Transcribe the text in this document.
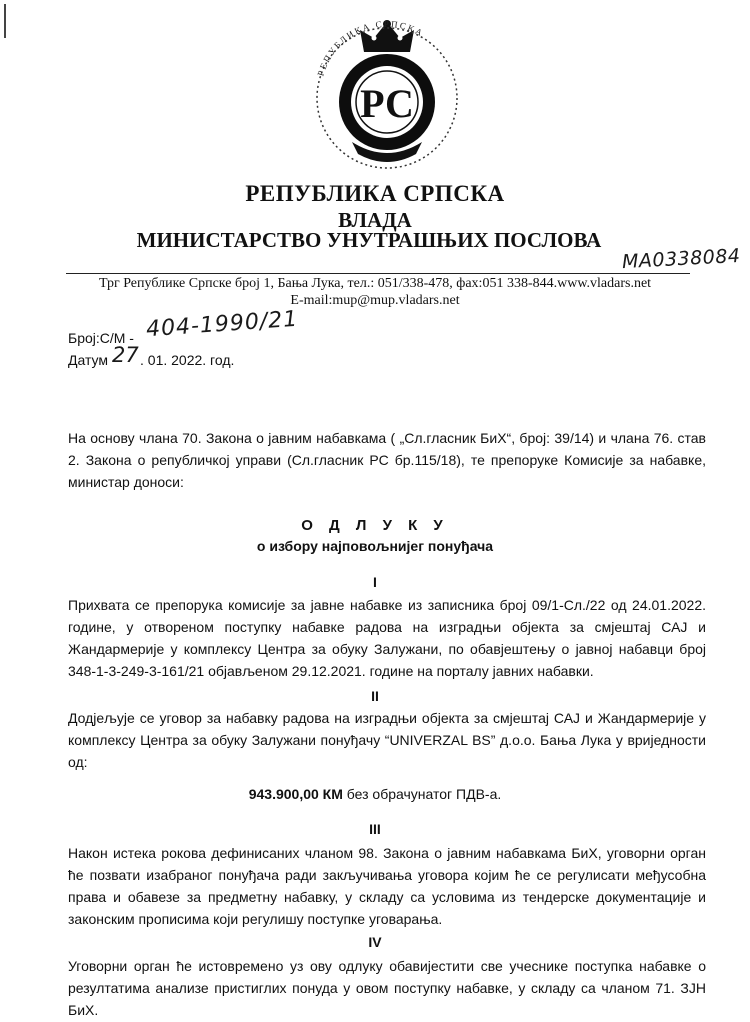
РЕПУБЛИКА СРПСКА
РС
РЕПУБЛИКА СРПСКА
ВЛАДА
МИНИСТАРСТВО УНУТРАШЊИХ ПОСЛОВА
МА0338084
Трг Републике Српске број 1, Бања Лука, тел.: 051/338-478, фах:051 338-844.www.vladars.net
E-mail:mup@mup.vladars.net
Број:С/М - 404-1990/21
Датум 27 . 01. 2022. год.
На основу члана 70. Закона о јавним набавкама ( „Сл.гласник БиХ“, број: 39/14) и члана 76. став 2. Закона о републичкој управи (Сл.гласник РС бр.115/18), те препоруке Комисије за набавке, министар доноси:
О Д Л У К У
о избору најповољнијег понуђача
I
Прихвата се препорука комисије за јавне набавке из записника број 09/1-Сл./22 од 24.01.2022. године, у отвореном поступку набавке радова на изградњи објекта за смјештај САЈ и Жандармерије у комплексу Центра за обуку Залужани, по обавјештењу о јавној набавци број 348-1-3-249-3-161/21 објављеном 29.12.2021. године на порталу јавних набавки.
II
Додјељује се уговор за набавку радова на изградњи објекта за смјештај САЈ и Жандармерије у комплексу Центра за обуку Залужани понуђачу “UNIVERZAL BS” д.о.о. Бања Лука у вриједности од:
943.900,00 КМ без обрачунатог ПДВ-а.
III
Након истека рокова дефинисаних чланом 98. Закона о јавним набавкама БиХ, уговорни орган ће позвати изабраног понуђача ради закључивања уговора којим ће се регулисати међусобна права и обавезе за предметну набавку, у складу са условима из тендерске документације и законским прописима који регулишу поступке уговарања.
IV
Уговорни орган ће истовремено уз ову одлуку обавијестити све учеснике поступка набавке о резултатима анализе пристиглих понуда у овом поступку набавке, у складу са чланом 71. ЗЈН БиХ.
